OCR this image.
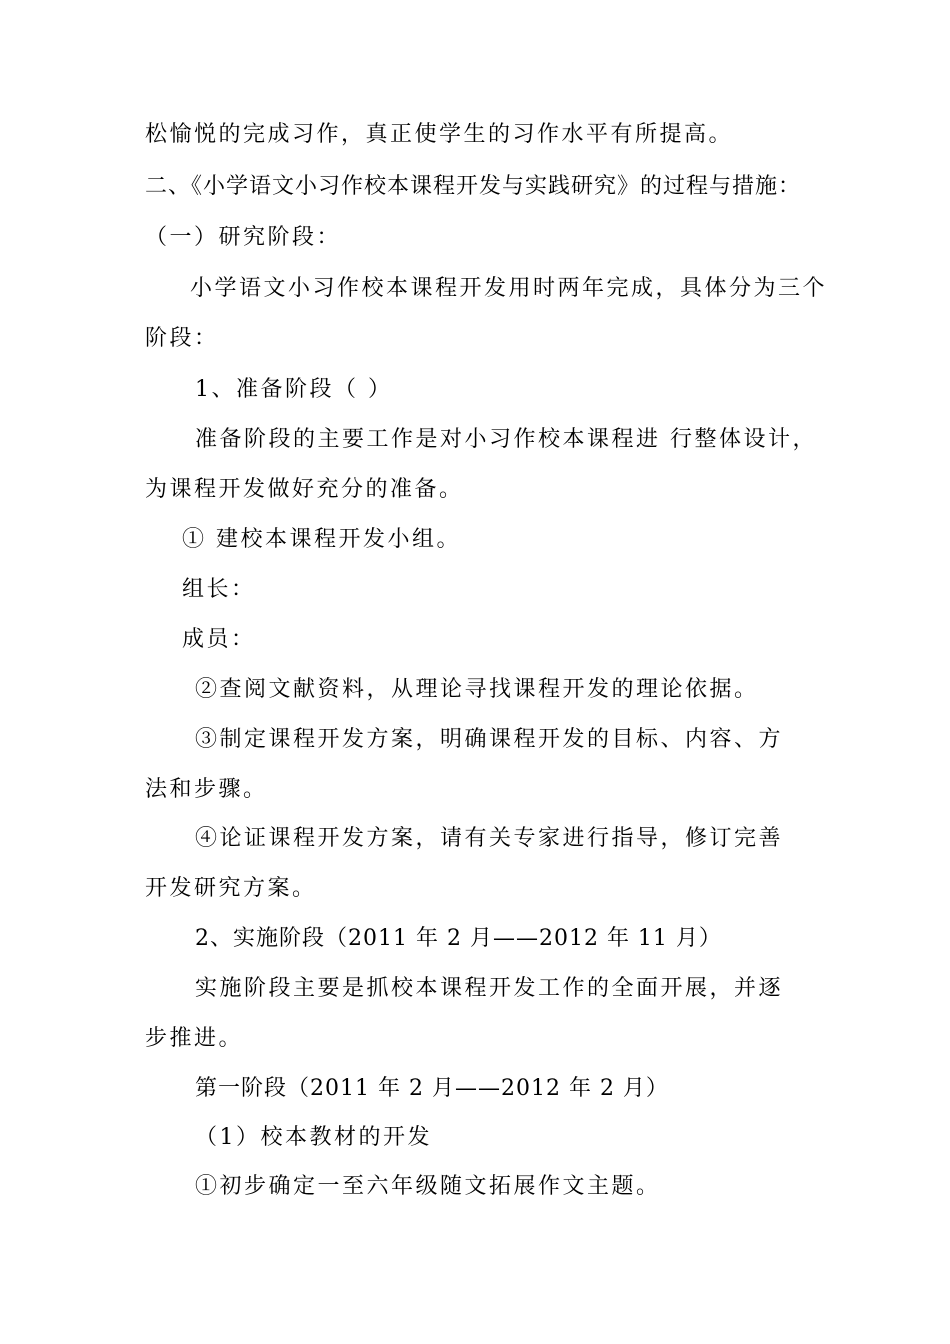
松愉悦的完成习作，真正使学生的习作水平有所提高。
二、《小学语文小习作校本课程开发与实践研究》的过程与措施：
（一）研究阶段：
小学语文小习作校本课程开发用时两年完成，具体分为三个
阶段：
1、准备阶段（ ）
准备阶段的主要工作是对小习作校本课程进 行整体设计，
为课程开发做好充分的准备。
① 建校本课程开发小组。
组长：
成员：
②查阅文献资料，从理论寻找课程开发的理论依据。
③制定课程开发方案，明确课程开发的目标、内容、方
法和步骤。
④论证课程开发方案，请有关专家进行指导，修订完善
开发研究方案。
2、实施阶段（2011 年 2 月——2012 年 11 月）
实施阶段主要是抓校本课程开发工作的全面开展，并逐
步推进。
第一阶段（2011 年 2 月——2012 年 2 月）
（1）校本教材的开发
①初步确定一至六年级随文拓展作文主题。
